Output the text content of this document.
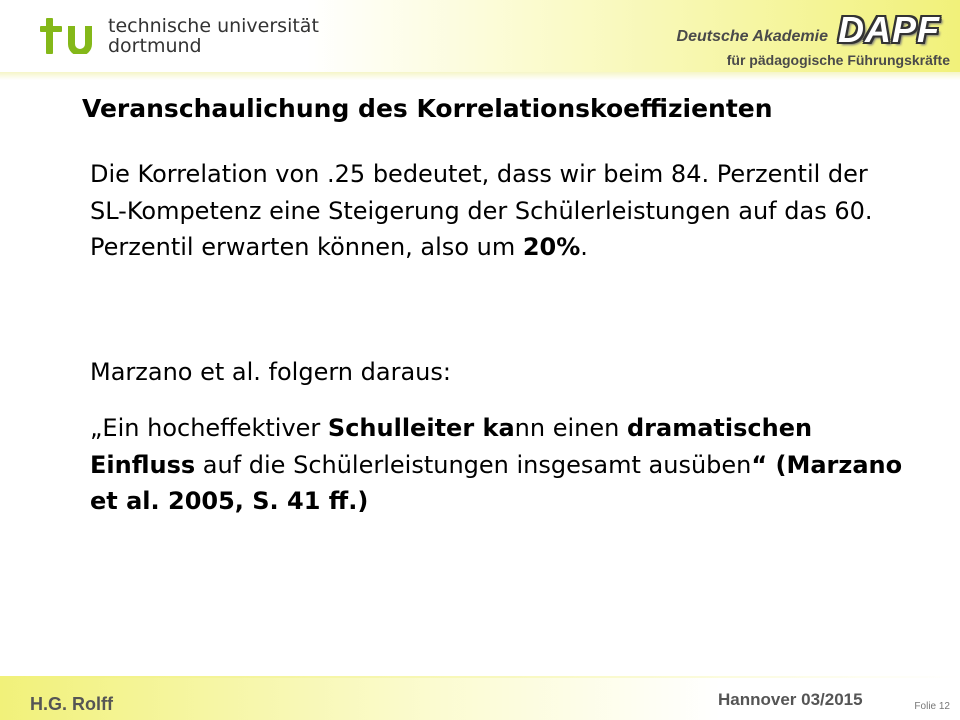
technische universität
dortmund	Deutsche Akademie DAPF
für pädagogische Führungskräfte
Veranschaulichung des Korrelationskoeffizienten
Die Korrelation von .25 bedeutet, dass wir beim 84. Perzentil der SL-Kompetenz eine Steigerung der Schülerleistungen auf das 60. Perzentil erwarten können, also um 20%.
Marzano et al. folgern daraus:
„Ein hocheffektiver Schulleiter kann einen dramatischen Einfluss auf die Schülerleistungen insgesamt ausüben“ (Marzano et al. 2005, S. 41 ff.)
H.G. Rolff	Hannover 03/2015	Folie 12
